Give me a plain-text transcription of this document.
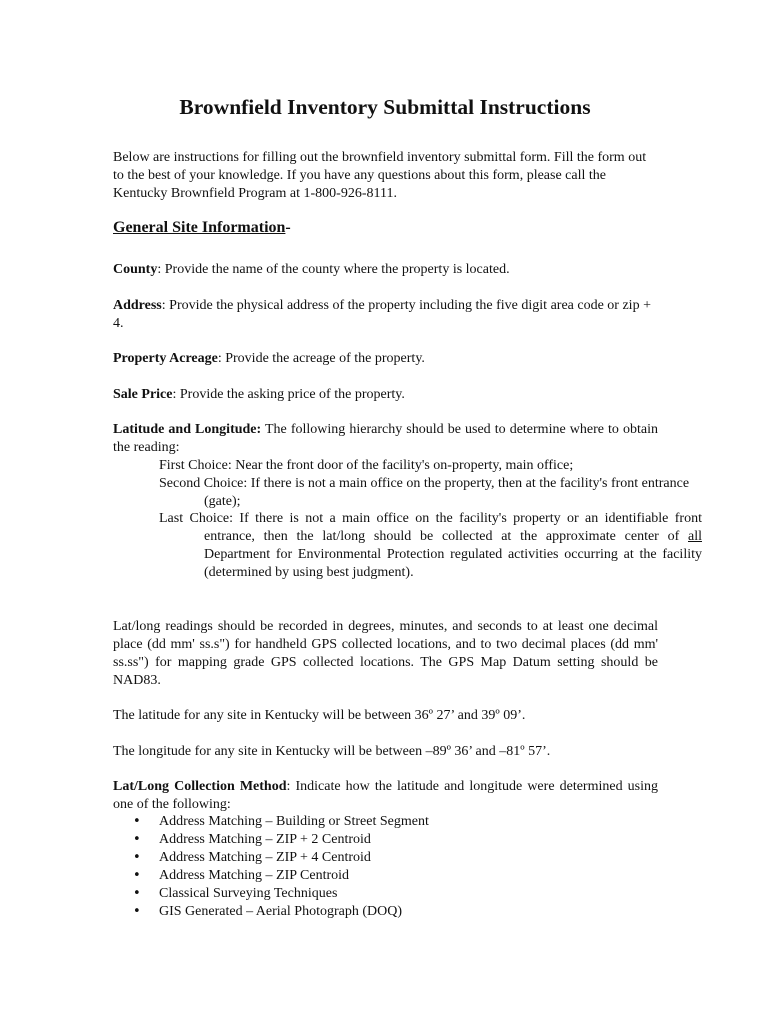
Brownfield Inventory Submittal Instructions

Below are instructions for filling out the brownfield inventory submittal form. Fill the form out to the best of your knowledge. If you have any questions about this form, please call the Kentucky Brownfield Program at 1-800-926-8111.

General Site Information-

County: Provide the name of the county where the property is located.

Address: Provide the physical address of the property including the five digit area code or zip + 4.

Property Acreage: Provide the acreage of the property.

Sale Price: Provide the asking price of the property.

Latitude and Longitude: The following hierarchy should be used to determine where to obtain the reading:

First Choice: Near the front door of the facility's on-property, main office;

Second Choice: If there is not a main office on the property, then at the facility's front entrance (gate);

Last Choice: If there is not a main office on the facility's property or an identifiable front entrance, then the lat/long should be collected at the approximate center of all Department for Environmental Protection regulated activities occurring at the facility (determined by using best judgment).

Lat/long readings should be recorded in degrees, minutes, and seconds to at least one decimal place (dd mm' ss.s") for handheld GPS collected locations, and to two decimal places (dd mm' ss.ss") for mapping grade GPS collected locations. The GPS Map Datum setting should be NAD83.

The latitude for any site in Kentucky will be between 36º 27’ and 39º 09’.

The longitude for any site in Kentucky will be between –89º 36’ and –81º 57’.

Lat/Long Collection Method: Indicate how the latitude and longitude were determined using one of the following:

• Address Matching – Building or Street Segment
• Address Matching – ZIP + 2 Centroid
• Address Matching – ZIP + 4 Centroid
• Address Matching – ZIP Centroid
• Classical Surveying Techniques
• GIS Generated – Aerial Photograph (DOQ)
